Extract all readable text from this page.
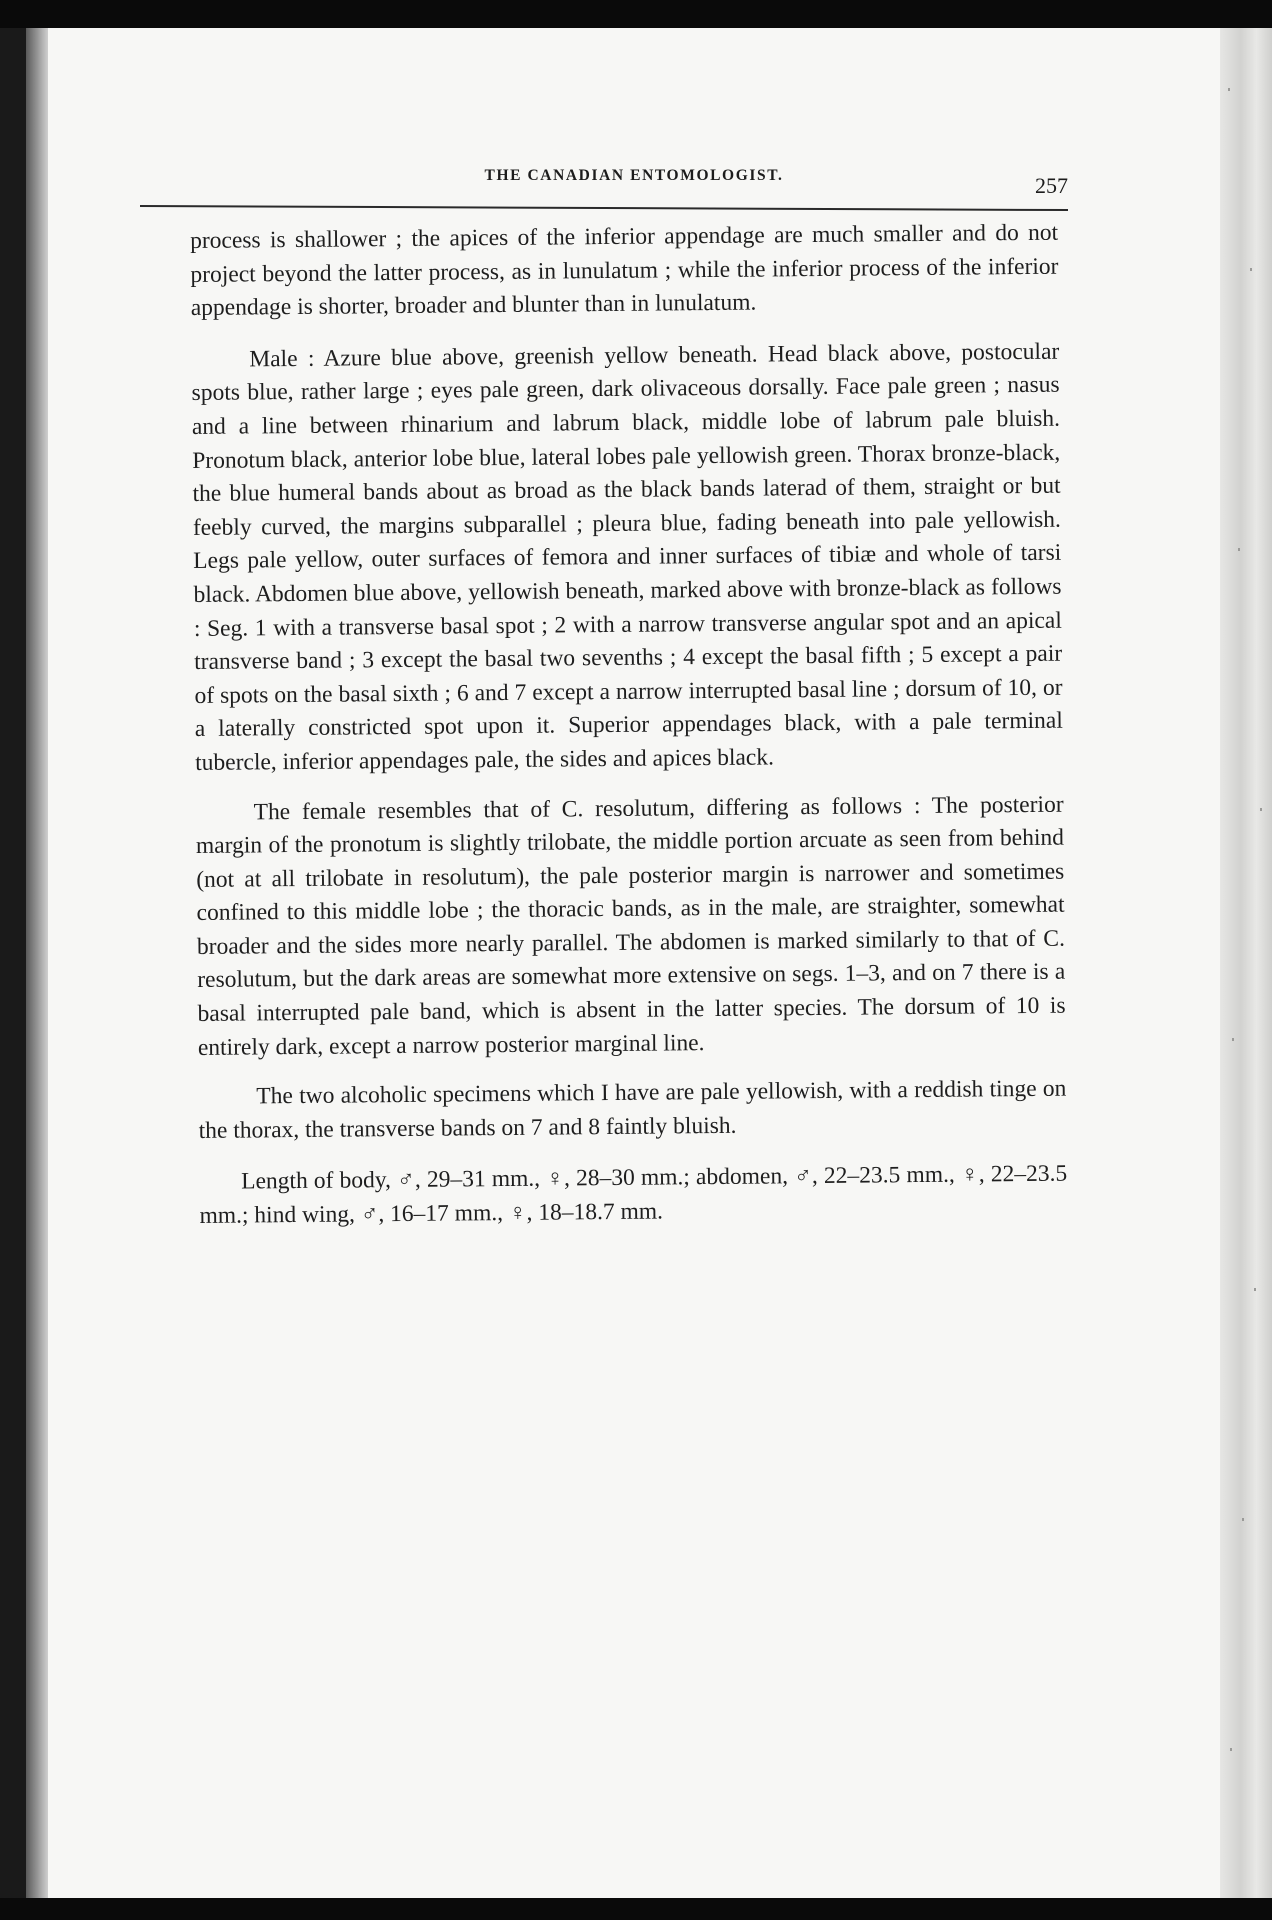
THE CANADIAN ENTOMOLOGIST.	257

process is shallower ; the apices of the inferior appendage are much smaller and do not project beyond the latter process, as in lunulatum ; while the inferior process of the inferior appendage is shorter, broader and blunter than in lunulatum.

Male : Azure blue above, greenish yellow beneath. Head black above, postocular spots blue, rather large ; eyes pale green, dark olivaceous dorsally. Face pale green ; nasus and a line between rhinarium and labrum black, middle lobe of labrum pale bluish. Pronotum black, anterior lobe blue, lateral lobes pale yellowish green. Thorax bronze-black, the blue humeral bands about as broad as the black bands laterad of them, straight or but feebly curved, the margins subparallel ; pleura blue, fading beneath into pale yellowish. Legs pale yellow, outer surfaces of femora and inner surfaces of tibiæ and whole of tarsi black. Abdomen blue above, yellowish beneath, marked above with bronze-black as follows : Seg. 1 with a transverse basal spot ; 2 with a narrow transverse angular spot and an apical transverse band ; 3 except the basal two sevenths ; 4 except the basal fifth ; 5 except a pair of spots on the basal sixth ; 6 and 7 except a narrow interrupted basal line ; dorsum of 10, or a laterally constricted spot upon it. Superior appendages black, with a pale terminal tubercle, inferior appendages pale, the sides and apices black.

The female resembles that of C. resolutum, differing as follows : The posterior margin of the pronotum is slightly trilobate, the middle portion arcuate as seen from behind (not at all trilobate in resolutum), the pale posterior margin is narrower and sometimes confined to this middle lobe ; the thoracic bands, as in the male, are straighter, somewhat broader and the sides more nearly parallel. The abdomen is marked similarly to that of C. resolutum, but the dark areas are somewhat more extensive on segs. 1–3, and on 7 there is a basal interrupted pale band, which is absent in the latter species. The dorsum of 10 is entirely dark, except a narrow posterior marginal line.

The two alcoholic specimens which I have are pale yellowish, with a reddish tinge on the thorax, the transverse bands on 7 and 8 faintly bluish.

Length of body, ♂, 29–31 mm., ♀, 28–30 mm.; abdomen, ♂, 22–23.5 mm., ♀, 22–23.5 mm.; hind wing, ♂, 16–17 mm., ♀, 18–18.7 mm.
